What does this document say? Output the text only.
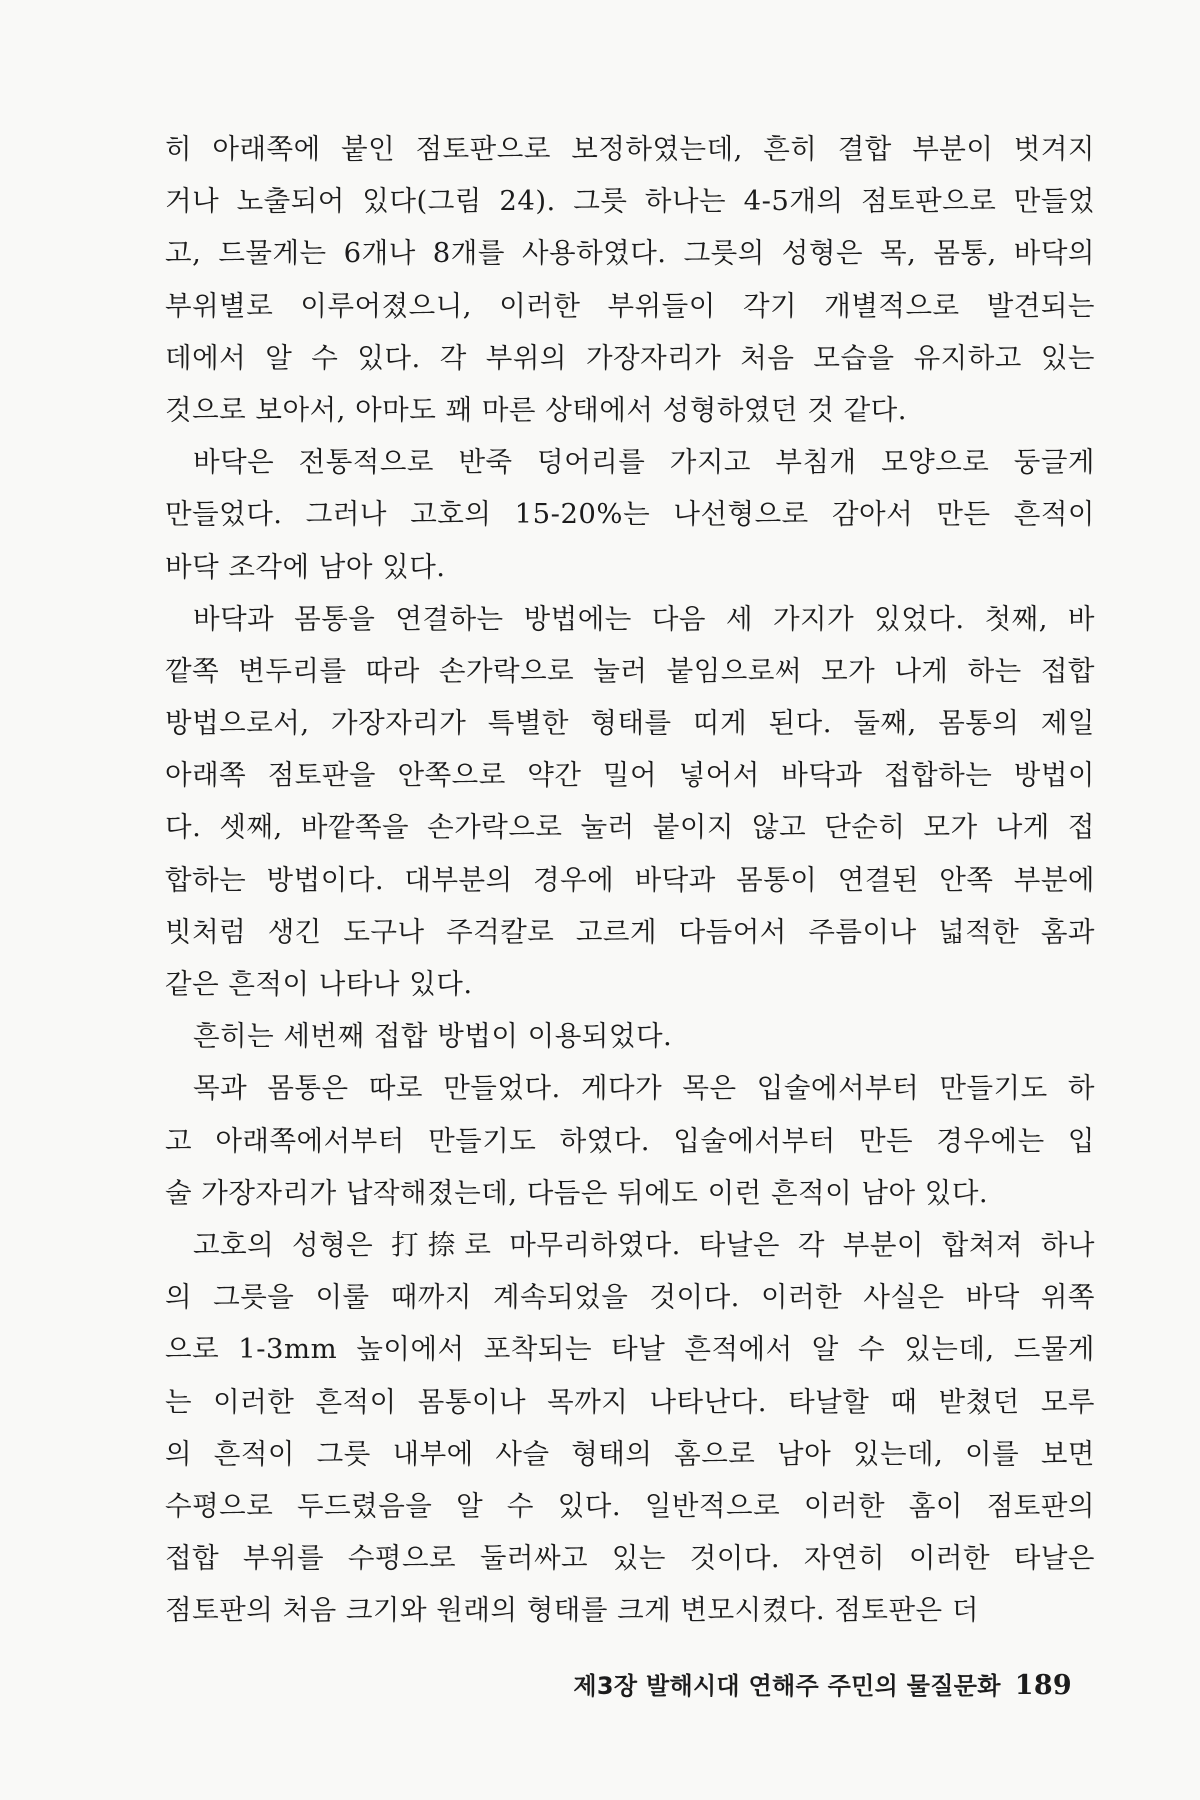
히 아래쪽에 붙인 점토판으로 보정하였는데, 흔히 결합 부분이 벗겨지
거나 노출되어 있다(그림 24). 그릇 하나는 4-5개의 점토판으로 만들었
고, 드물게는 6개나 8개를 사용하였다. 그릇의 성형은 목, 몸통, 바닥의
부위별로 이루어졌으니, 이러한 부위들이 각기 개별적으로 발견되는
데에서 알 수 있다. 각 부위의 가장자리가 처음 모습을 유지하고 있는
것으로 보아서, 아마도 꽤 마른 상태에서 성형하였던 것 같다.
바닥은 전통적으로 반죽 덩어리를 가지고 부침개 모양으로 둥글게
만들었다. 그러나 고호의 15-20%는 나선형으로 감아서 만든 흔적이
바닥 조각에 남아 있다.
바닥과 몸통을 연결하는 방법에는 다음 세 가지가 있었다. 첫째, 바
깥쪽 변두리를 따라 손가락으로 눌러 붙임으로써 모가 나게 하는 접합
방법으로서, 가장자리가 특별한 형태를 띠게 된다. 둘째, 몸통의 제일
아래쪽 점토판을 안쪽으로 약간 밀어 넣어서 바닥과 접합하는 방법이
다. 셋째, 바깥쪽을 손가락으로 눌러 붙이지 않고 단순히 모가 나게 접
합하는 방법이다. 대부분의 경우에 바닥과 몸통이 연결된 안쪽 부분에
빗처럼 생긴 도구나 주걱칼로 고르게 다듬어서 주름이나 넓적한 홈과
같은 흔적이 나타나 있다.
흔히는 세번째 접합 방법이 이용되었다.
목과 몸통은 따로 만들었다. 게다가 목은 입술에서부터 만들기도 하
고 아래쪽에서부터 만들기도 하였다. 입술에서부터 만든 경우에는 입
술 가장자리가 납작해졌는데, 다듬은 뒤에도 이런 흔적이 남아 있다.
고호의 성형은 打捺로 마무리하였다. 타날은 각 부분이 합쳐져 하나
의 그릇을 이룰 때까지 계속되었을 것이다. 이러한 사실은 바닥 위쪽
으로 1-3mm 높이에서 포착되는 타날 흔적에서 알 수 있는데, 드물게
는 이러한 흔적이 몸통이나 목까지 나타난다. 타날할 때 받쳤던 모루
의 흔적이 그릇 내부에 사슬 형태의 홈으로 남아 있는데, 이를 보면
수평으로 두드렸음을 알 수 있다. 일반적으로 이러한 홈이 점토판의
접합 부위를 수평으로 둘러싸고 있는 것이다. 자연히 이러한 타날은
점토판의 처음 크기와 원래의 형태를 크게 변모시켰다. 점토판은 더
제3장 발해시대 연해주 주민의 물질문화 189
